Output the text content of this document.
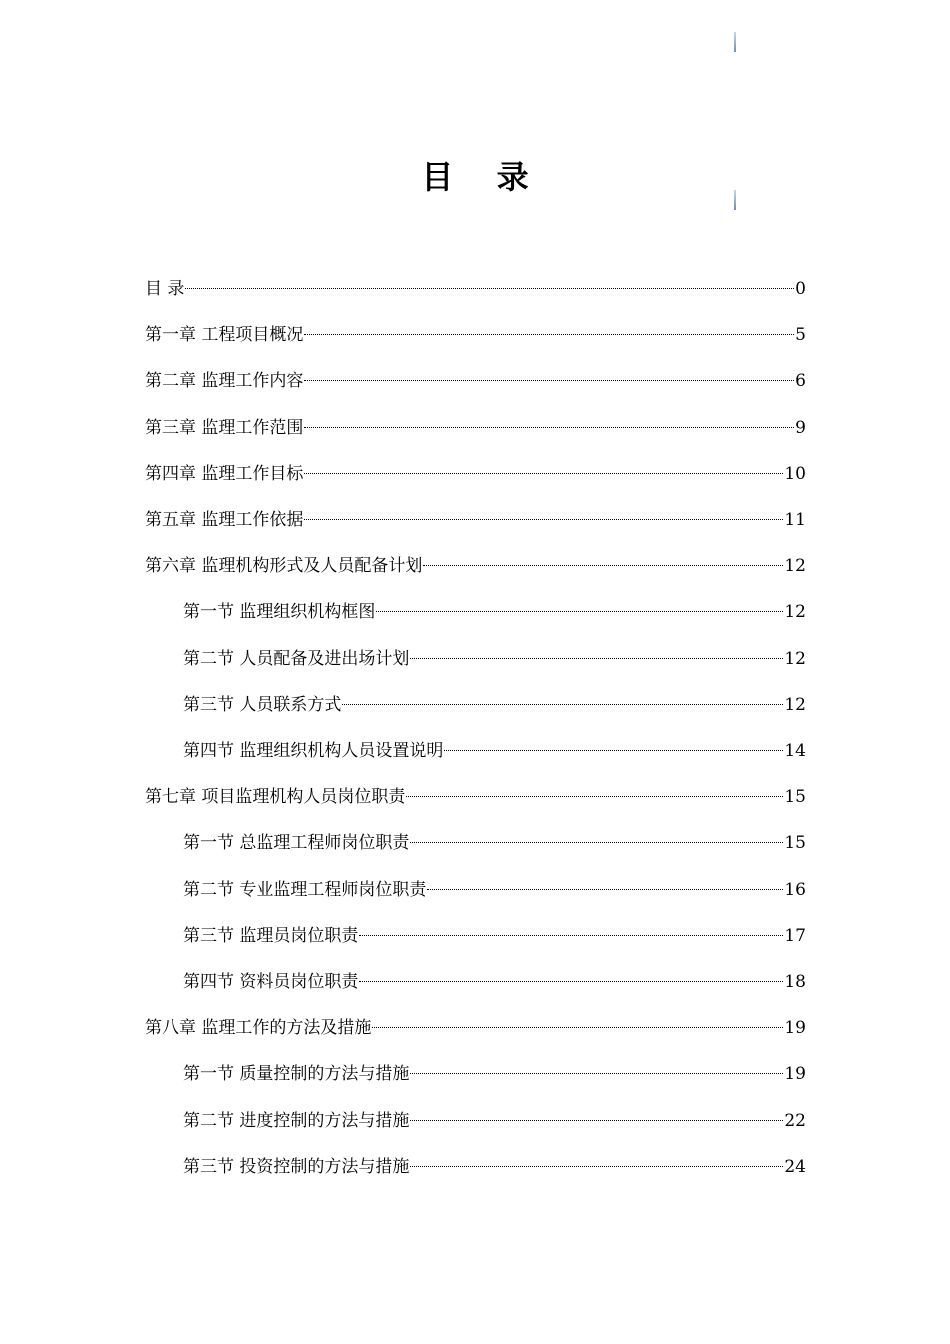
目 录
目 录	0
第一章 工程项目概况	5
第二章 监理工作内容	6
第三章 监理工作范围	9
第四章 监理工作目标	10
第五章 监理工作依据	11
第六章 监理机构形式及人员配备计划	12
第一节 监理组织机构框图	12
第二节 人员配备及进出场计划	12
第三节 人员联系方式	12
第四节 监理组织机构人员设置说明	14
第七章 项目监理机构人员岗位职责	15
第一节 总监理工程师岗位职责	15
第二节 专业监理工程师岗位职责	16
第三节 监理员岗位职责	17
第四节 资料员岗位职责	18
第八章 监理工作的方法及措施	19
第一节 质量控制的方法与措施	19
第二节 进度控制的方法与措施	22
第三节 投资控制的方法与措施	24
